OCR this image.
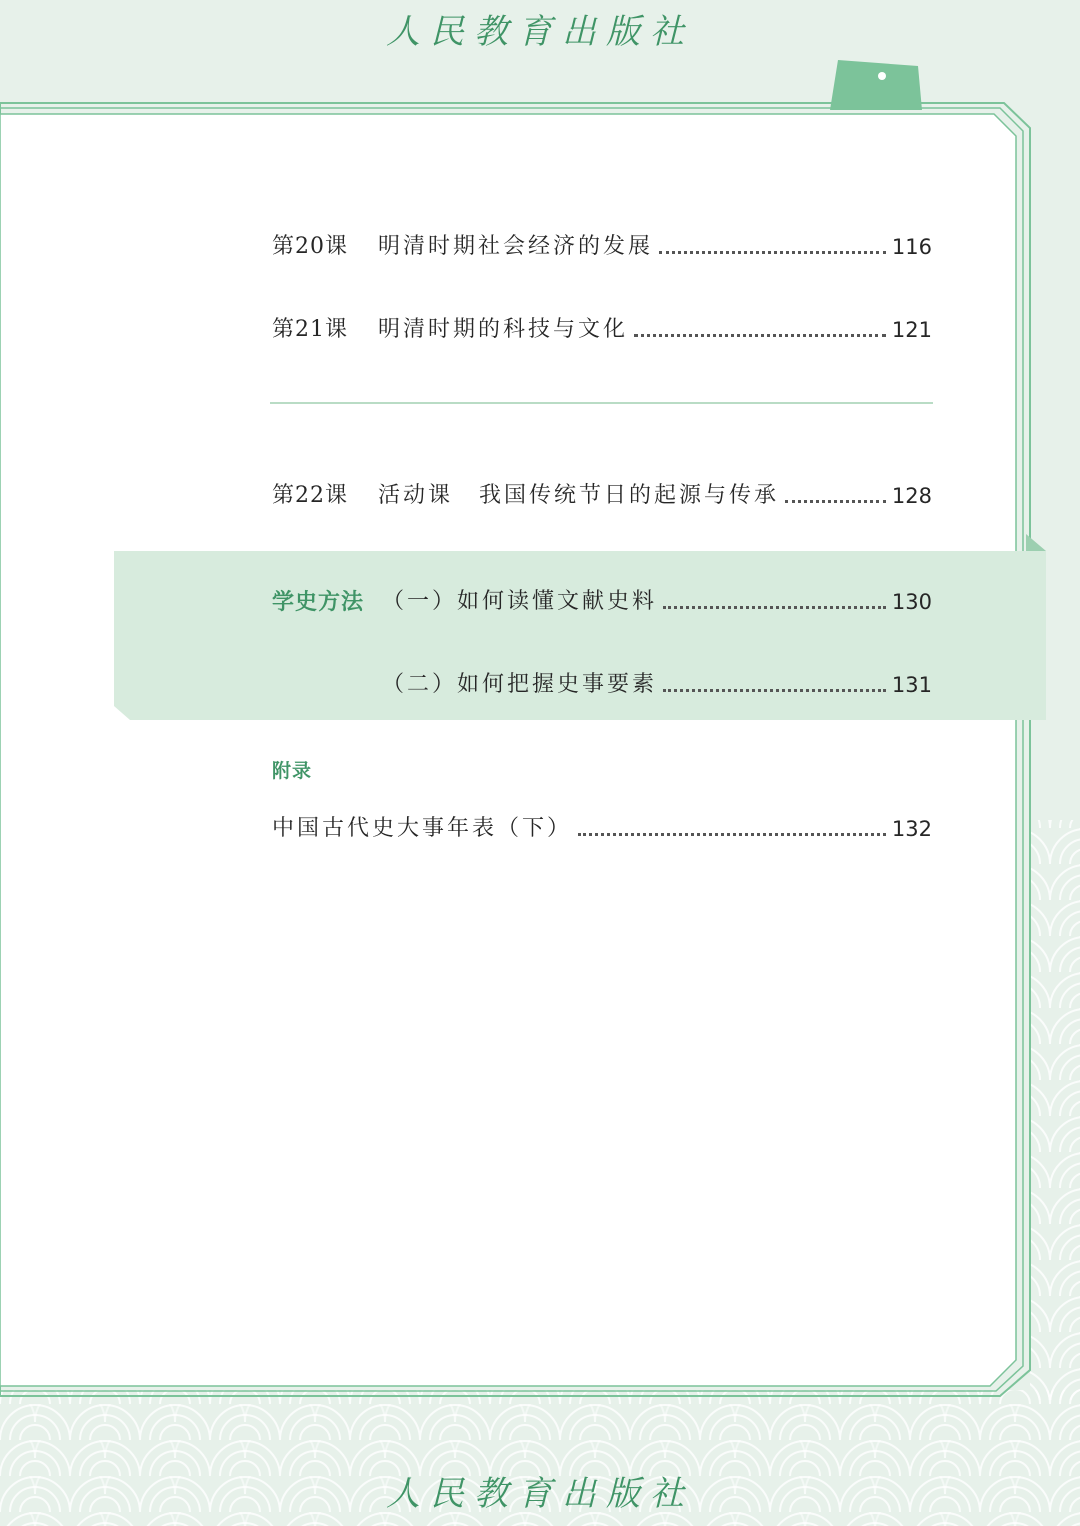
人民教育出版社
第20课	明清时期社会经济的发展	116
第21课	明清时期的科技与文化	121
第22课	活动课 我国传统节日的起源与传承	128
学史方法 （一）如何读懂文献史料	130
（二）如何把握史事要素	131
附录
中国古代史大事年表（下）	132
人民教育出版社
